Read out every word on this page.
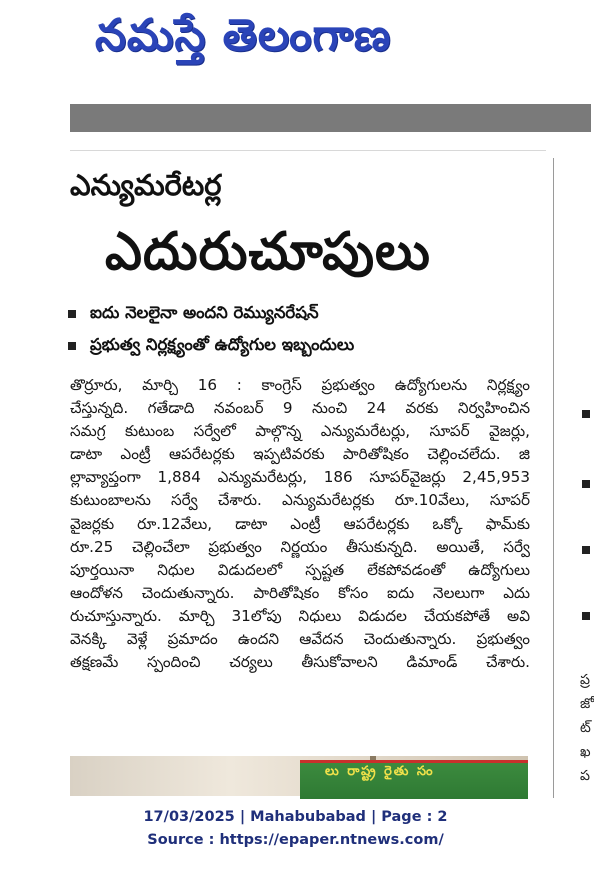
నమస్తే తెలంగాణ
ఎన్యుమరేటర్ల
ఎదురుచూపులు
ఐదు నెలలైనా అందని రెమ్యునరేషన్
ప్రభుత్వ నిర్లక్ష్యంతో ఉద్యోగుల ఇబ్బందులు
తొర్రూరు, మార్చి 16 : కాంగ్రెస్ ప్రభుత్వం ఉద్యోగులను నిర్లక్ష్యం
చేస్తున్నది. గతేడాది నవంబర్ 9 నుంచి 24 వరకు నిర్వహించిన
సమగ్ర కుటుంబ సర్వేలో పాల్గొన్న ఎన్యుమరేటర్లు, సూపర్ వైజర్లు,
డాటా ఎంట్రీ ఆపరేటర్లకు ఇప్పటివరకు పారితోషికం చెల్లించలేదు. జి
ల్లావ్యాప్తంగా 1,884 ఎన్యుమరేటర్లు, 186 సూపర్‌వైజర్లు 2,45,953
కుటుంబాలను సర్వే చేశారు. ఎన్యుమరేటర్లకు రూ.10వేలు, సూపర్
వైజర్లకు రూ.12వేలు, డాటా ఎంట్రీ ఆపరేటర్లకు ఒక్కో ఫామ్‌కు
రూ.25 చెల్లించేలా ప్రభుత్వం నిర్ణయం తీసుకున్నది. అయితే, సర్వే
పూర్తయినా నిధుల విడుదలలో స్పష్టత లేకపోవడంతో ఉద్యోగులు
ఆందోళన చెందుతున్నారు. పారితోషికం కోసం ఐదు నెలలుగా ఎదు
రుచూస్తున్నారు. మార్చి 31లోపు నిధులు విడుదల చేయకపోతే అవి
వెనక్కి వెళ్లే ప్రమాదం ఉందని ఆవేదన చెందుతున్నారు. ప్రభుత్వం
తక్షణమే స్పందించి చర్యలు తీసుకోవాలని డిమాండ్ చేశారు.
ప్ర
జో
ట్
ఖ
ప
లు రాష్ట్ర రైతు సం
17/03/2025 | Mahabubabad | Page : 2
Source : https://epaper.ntnews.com/
